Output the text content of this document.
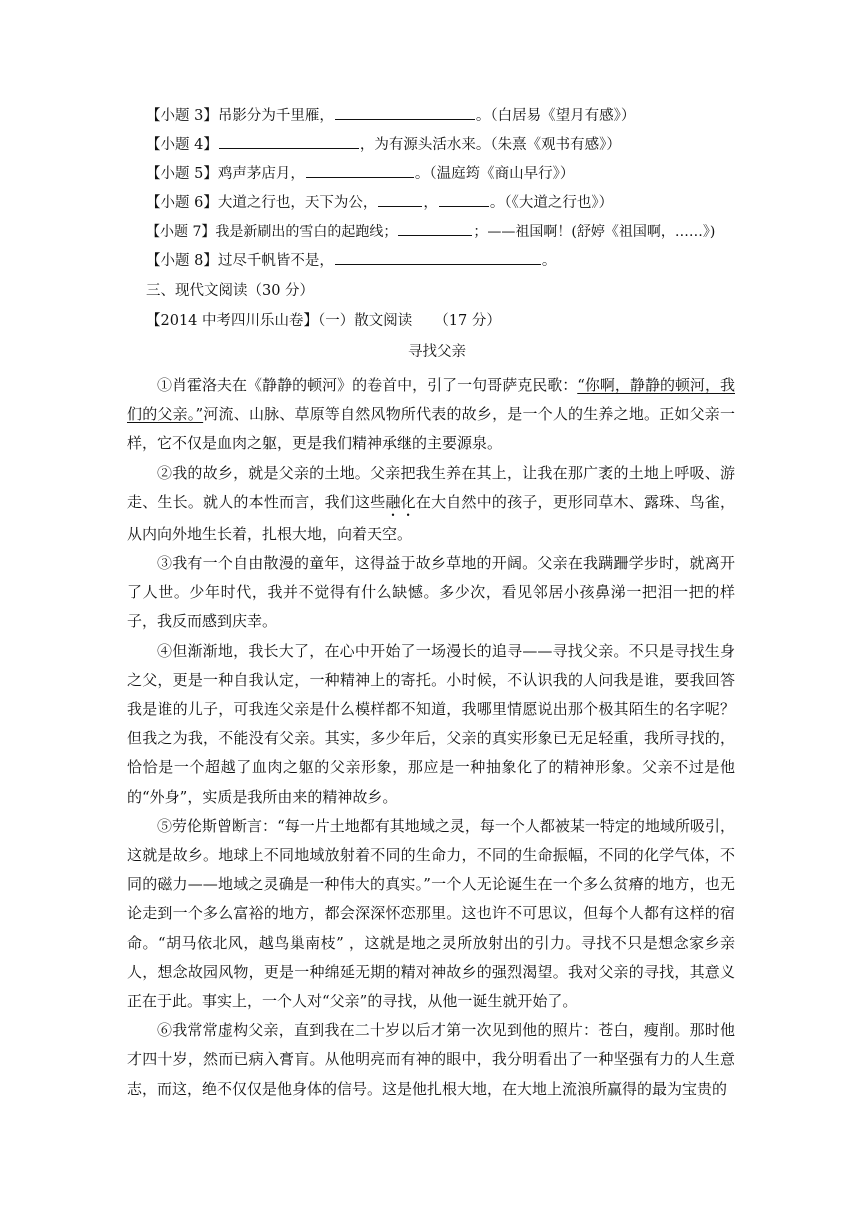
【小题 3】吊影分为千里雁，	。（白居易《望月有感》）
【小题 4】	，为有源头活水来。（朱熹《观书有感》）
【小题 5】鸡声茅店月，	。（温庭筠《商山早行》）
【小题 6】大道之行也，天下为公，	，	。（《大道之行也》）
【小题 7】我是新刷出的雪白的起跑线；	；——祖国啊！(舒婷《祖国啊，……》)
【小题 8】过尽千帆皆不是，	。
三、现代文阅读（30 分）
【2014 中考四川乐山卷】（一）散文阅读 （17 分）
寻找父亲

①肖霍洛夫在《静静的顿河》的卷首中，引了一句哥萨克民歌：“你啊，静静的顿河，我们的父亲。”河流、山脉、草原等自然风物所代表的故乡，是一个人的生养之地。正如父亲一样，它不仅是血肉之躯，更是我们精神承继的主要源泉。

②我的故乡，就是父亲的土地。父亲把我生养在其上，让我在那广袤的土地上呼吸、游走、生长。就人的本性而言，我们这些融化在大自然中的孩子，更形同草木、露珠、鸟雀，从内向外地生长着，扎根大地，向着天空。

③我有一个自由散漫的童年，这得益于故乡草地的开阔。父亲在我蹒跚学步时，就离开了人世。少年时代，我并不觉得有什么缺憾。多少次，看见邻居小孩鼻涕一把泪一把的样子，我反而感到庆幸。

④但渐渐地，我长大了，在心中开始了一场漫长的追寻——寻找父亲。不只是寻找生身之父，更是一种自我认定，一种精神上的寄托。小时候，不认识我的人问我是谁，要我回答我是谁的儿子，可我连父亲是什么模样都不知道，我哪里情愿说出那个极其陌生的名字呢？但我之为我，不能没有父亲。其实，多少年后，父亲的真实形象已无足轻重，我所寻找的，恰恰是一个超越了血肉之躯的父亲形象，那应是一种抽象化了的精神形象。父亲不过是他的“外身”，实质是我所由来的精神故乡。

⑤劳伦斯曾断言：“每一片土地都有其地域之灵，每一个人都被某一特定的地域所吸引，这就是故乡。地球上不同地域放射着不同的生命力，不同的生命振幅，不同的化学气体，不同的磁力——地域之灵确是一种伟大的真实。”一个人无论诞生在一个多么贫瘠的地方，也无论走到一个多么富裕的地方，都会深深怀恋那里。这也许不可思议，但每个人都有这样的宿命。“胡马依北风，越鸟巢南枝” ，这就是地之灵所放射出的引力。寻找不只是想念家乡亲人，想念故园风物，更是一种绵延无期的精对神故乡的强烈渴望。我对父亲的寻找，其意义正在于此。事实上，一个人对“父亲”的寻找，从他一诞生就开始了。

⑥我常常虚构父亲，直到我在二十岁以后才第一次见到他的照片：苍白，瘦削。那时他才四十岁，然而已病入膏肓。从他明亮而有神的眼中，我分明看出了一种坚强有力的人生意志，而这，绝不仅仅是他身体的信号。这是他扎根大地，在大地上流浪所赢得的最为宝贵的
